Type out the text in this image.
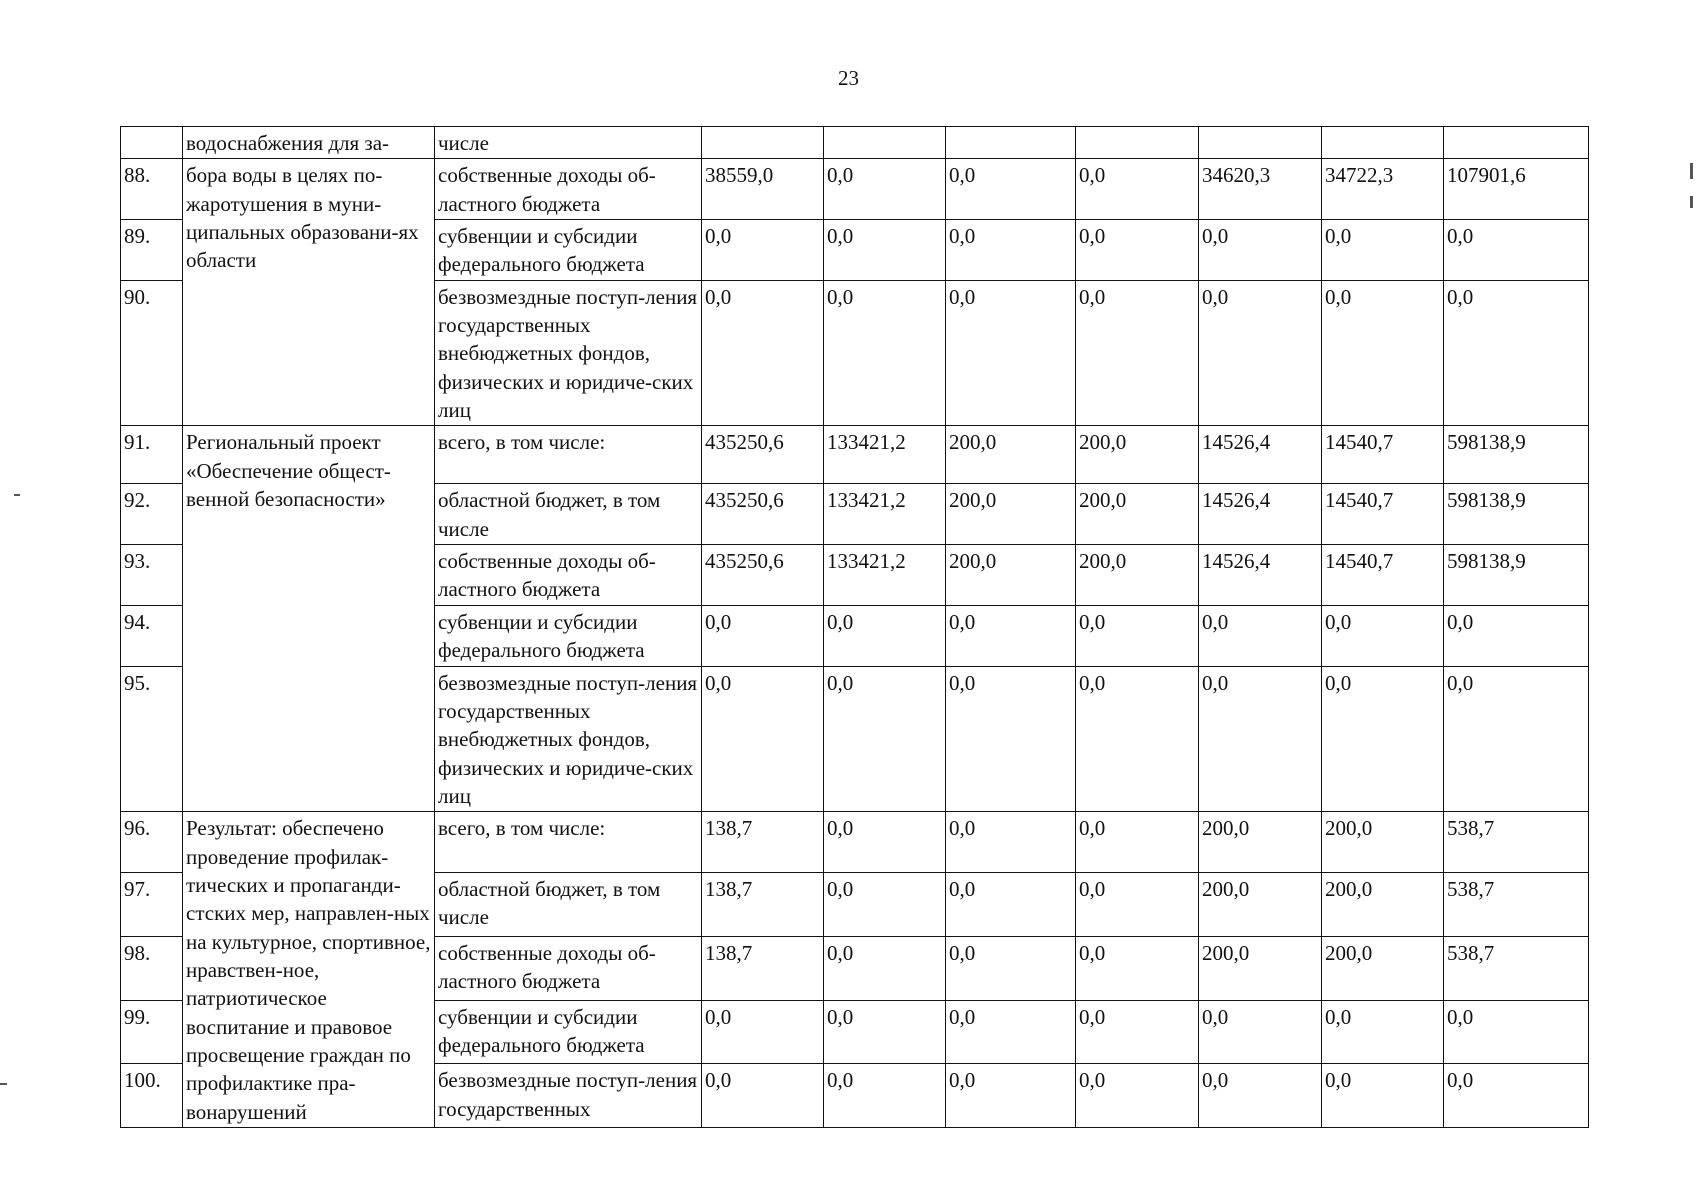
23
	водоснабжения для за-	числе							
88.	бора воды в целях по-жаротушения в муни-ципальных образовани-ях области	собственные доходы об-ластного бюджета	38559,0	0,0	0,0	0,0	34620,3	34722,3	107901,6
89.		субвенции и субсидии федерального бюджета	0,0	0,0	0,0	0,0	0,0	0,0	0,0
90.		безвозмездные поступ-ления государственных внебюджетных фондов, физических и юридиче-ских лиц	0,0	0,0	0,0	0,0	0,0	0,0	0,0
91.	Региональный проект «Обеспечение общест-венной безопасности»	всего, в том числе:	435250,6	133421,2	200,0	200,0	14526,4	14540,7	598138,9
92.		областной бюджет, в том числе	435250,6	133421,2	200,0	200,0	14526,4	14540,7	598138,9
93.		собственные доходы об-ластного бюджета	435250,6	133421,2	200,0	200,0	14526,4	14540,7	598138,9
94.		субвенции и субсидии федерального бюджета	0,0	0,0	0,0	0,0	0,0	0,0	0,0
95.		безвозмездные поступ-ления государственных внебюджетных фондов, физических и юридиче-ских лиц	0,0	0,0	0,0	0,0	0,0	0,0	0,0
96.	Результат: обеспечено проведение профилак-тических и пропаганди-стских мер, направлен-ных на культурное, спортивное, нравствен-ное, патриотическое воспитание и правовое просвещение граждан по профилактике пра-вонарушений	всего, в том числе:	138,7	0,0	0,0	0,0	200,0	200,0	538,7
97.		областной бюджет, в том числе	138,7	0,0	0,0	0,0	200,0	200,0	538,7
98.		собственные доходы об-ластного бюджета	138,7	0,0	0,0	0,0	200,0	200,0	538,7
99.		субвенции и субсидии федерального бюджета	0,0	0,0	0,0	0,0	0,0	0,0	0,0
100.		безвозмездные поступ-ления государственных	0,0	0,0	0,0	0,0	0,0	0,0	0,0
